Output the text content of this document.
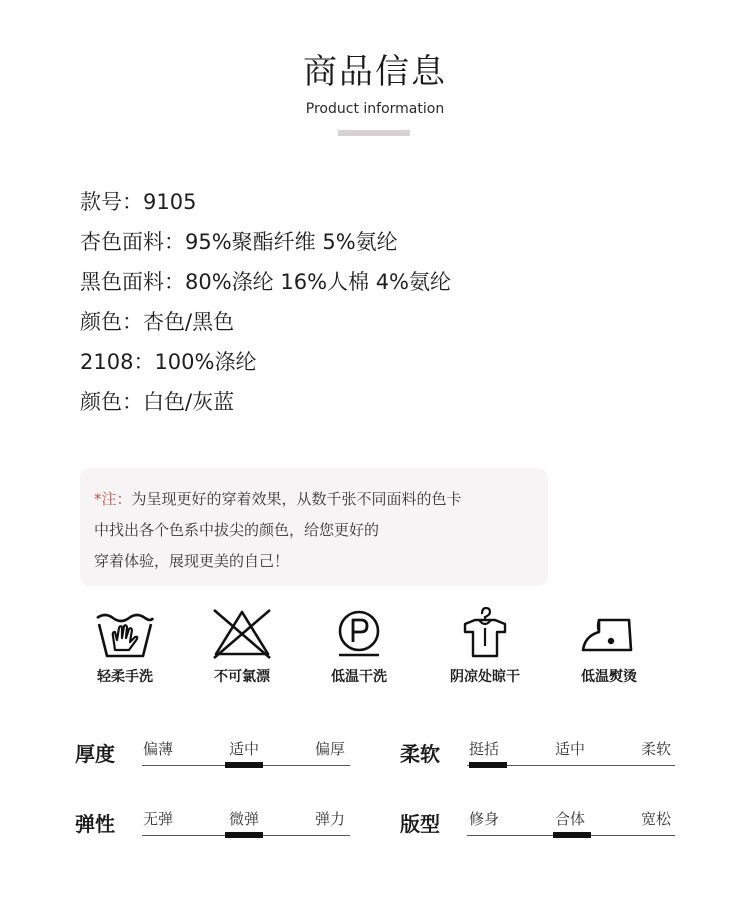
商品信息
Product information
款号：9105
杏色面料：95%聚酯纤维 5%氨纶
黑色面料：80%涤纶 16%人棉 4%氨纶
颜色：杏色/黑色
2108：100%涤纶
颜色：白色/灰蓝
*注：为呈现更好的穿着效果，从数千张不同面料的色卡
中找出各个色系中拔尖的颜色，给您更好的
穿着体验，展现更美的自己！
轻柔手洗	不可氯漂	低温干洗	阴凉处晾干	低温熨烫
厚度	偏薄	适中	偏厚	柔软	挺括	适中	柔软
弹性	无弹	微弹	弹力	版型	修身	合体	宽松
